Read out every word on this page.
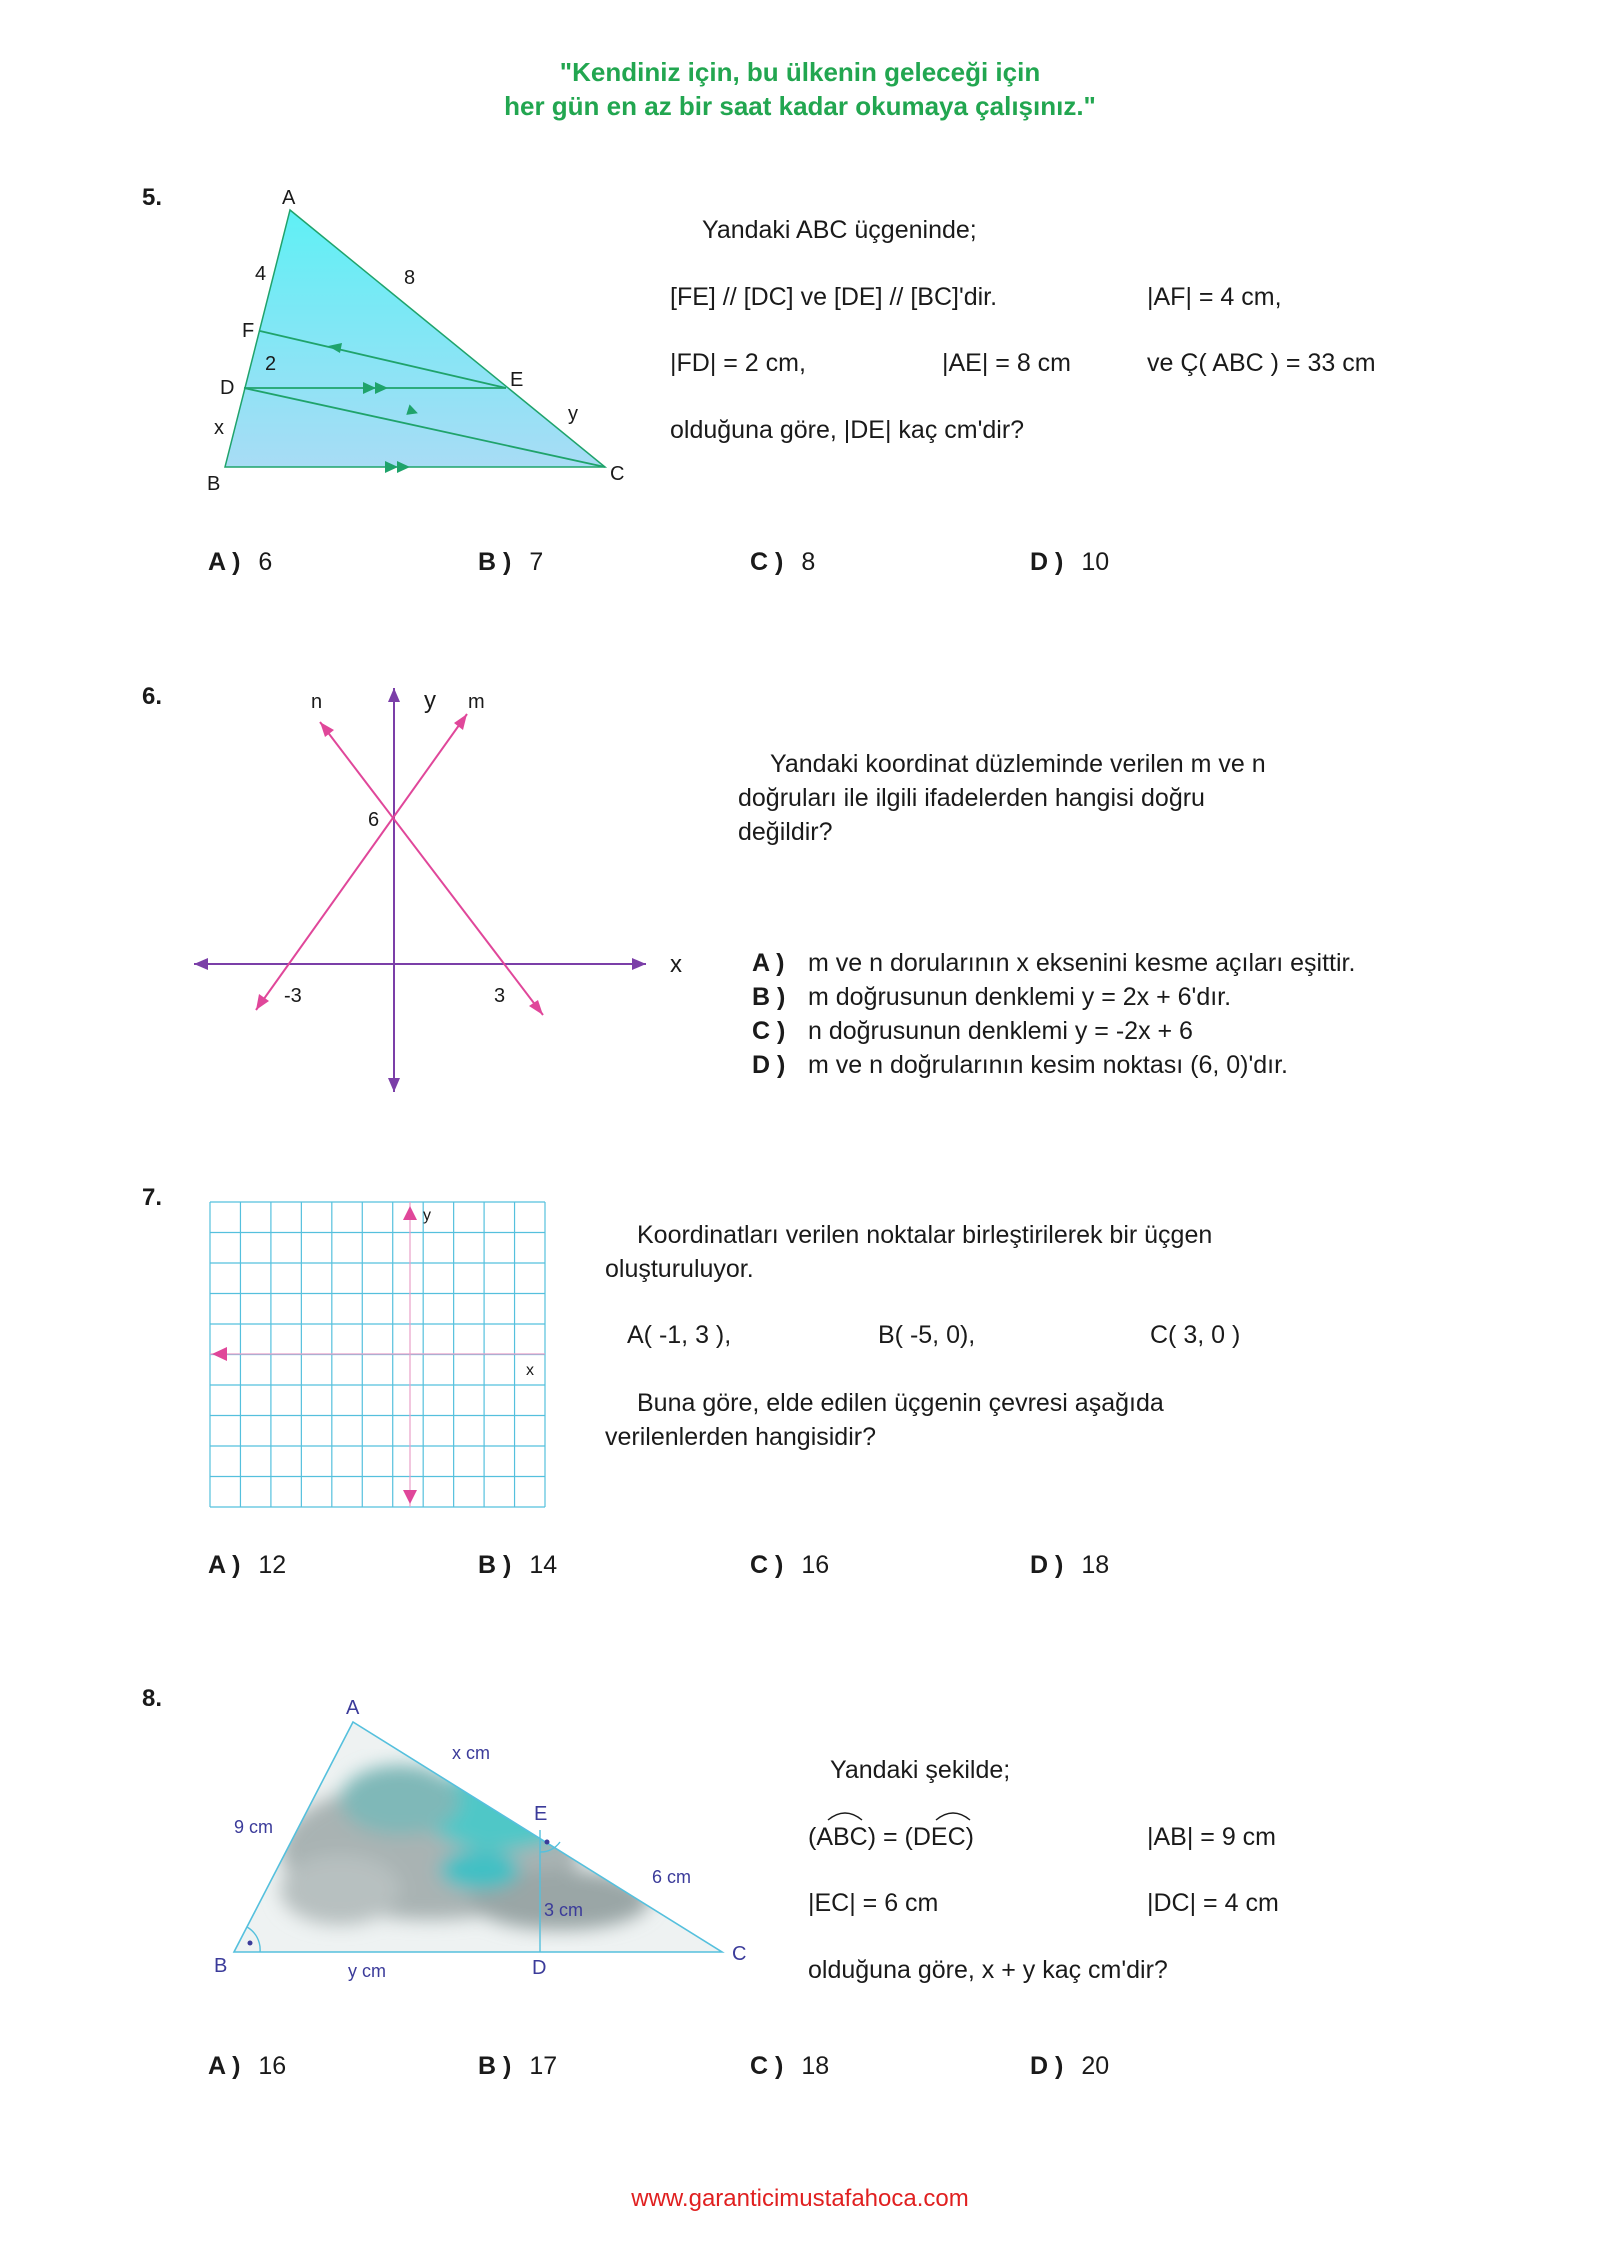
"Kendiniz için, bu ülkenin geleceği için
her gün en az bir saat kadar okumaya çalışınız."
5.	A
B	C
D	E
F
4
2
8
x
y
Yandaki ABC üçgeninde;
[FE] // [DC] ve [DE] // [BC]'dir.	|AF| = 4 cm,
|FD| = 2 cm,	|AE| = 8 cm	ve Ç( ABC ) = 33 cm
olduğuna göre, |DE| kaç cm'dir?
A ) 6	B ) 7	C ) 8	D ) 10
6.	n	y m
x
6
-3	3
Yandaki koordinat düzleminde verilen m ve n
doğruları ile ilgili ifadelerden hangisi doğru
değildir?
A ) m ve n dorularının x eksenini kesme açıları eşittir.
B ) m doğrusunun denklemi y = 2x + 6'dır.
C ) n doğrusunun denklemi y = -2x + 6
D ) m ve n doğrularının kesim noktası (6, 0)'dır.
7.
y
x
Koordinatları verilen noktalar birleştirilerek bir üçgen
oluşturuluyor.
A( -1, 3 ),	B( -5, 0),	C( 3, 0 )
Buna göre, elde edilen üçgenin çevresi aşağıda
verilenlerden hangisidir?
A ) 12	B ) 14	C ) 16	D ) 18
8.	A
B
C
D
E
9 cm
x cm
6 cm
3 cm
y cm
Yandaki şekilde;
(ABC) = (DEC)	|AB| = 9 cm
|EC| = 6 cm	|DC| = 4 cm
olduğuna göre, x + y kaç cm'dir?
A ) 16	B ) 17	C ) 18	D ) 20
www.garanticimustafahoca.com
